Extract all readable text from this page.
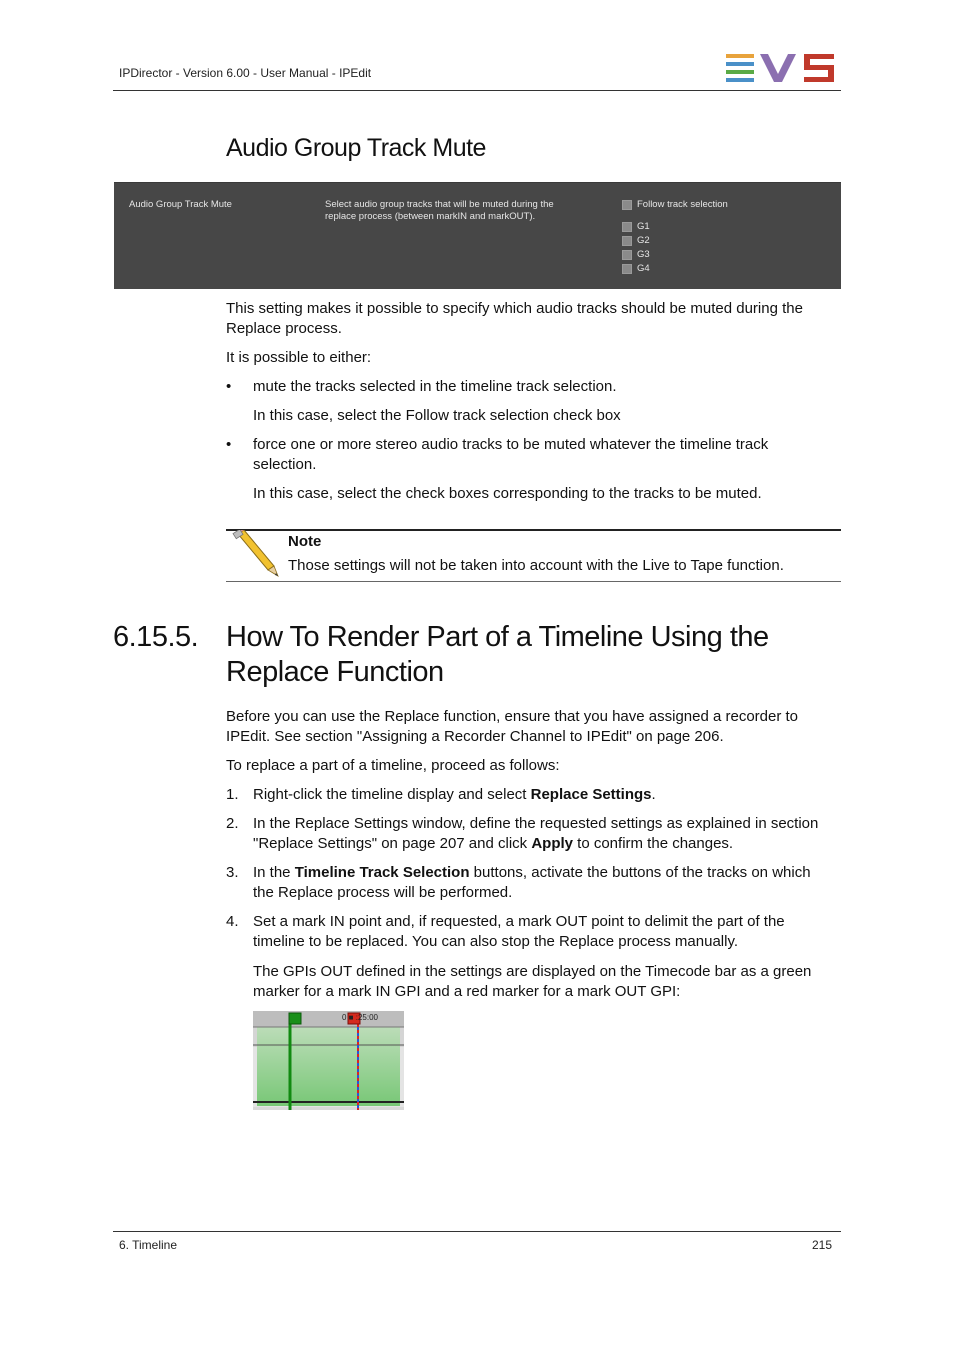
IPDirector - Version 6.00 - User Manual - IPEdit
Audio Group Track Mute
Audio Group Track Mute	Select audio group tracks that will be muted during the
replace process (between markIN and markOUT).
Follow track selection
G1
G2
G3
G4
This setting makes it possible to specify which audio tracks should be muted during the
Replace process.
It is possible to either:
• mute the tracks selected in the timeline track selection.
In this case, select the Follow track selection check box
• force one or more stereo audio tracks to be muted whatever the timeline track
selection.
In this case, select the check boxes corresponding to the tracks to be muted.
Note
Those settings will not be taken into account with the Live to Tape function.
6.15.5. How To Render Part of a Timeline Using the
Replace Function
Before you can use the Replace function, ensure that you have assigned a recorder to
IPEdit. See section "Assigning a Recorder Channel to IPEdit" on page 206.
To replace a part of a timeline, proceed as follows:
1. Right-click the timeline display and select Replace Settings.
2. In the Replace Settings window, define the requested settings as explained in section
"Replace Settings" on page 207 and click Apply to confirm the changes.
3. In the Timeline Track Selection buttons, activate the buttons of the tracks on which
the Replace process will be performed.
4. Set a mark IN point and, if requested, a mark OUT point to delimit the part of the
timeline to be replaced. You can also stop the Replace process manually.
The GPIs OUT defined in the settings are displayed on the Timecode bar as a green
marker for a mark IN GPI and a red marker for a mark OUT GPI:
0 ■ :25:00
6. Timeline	215
